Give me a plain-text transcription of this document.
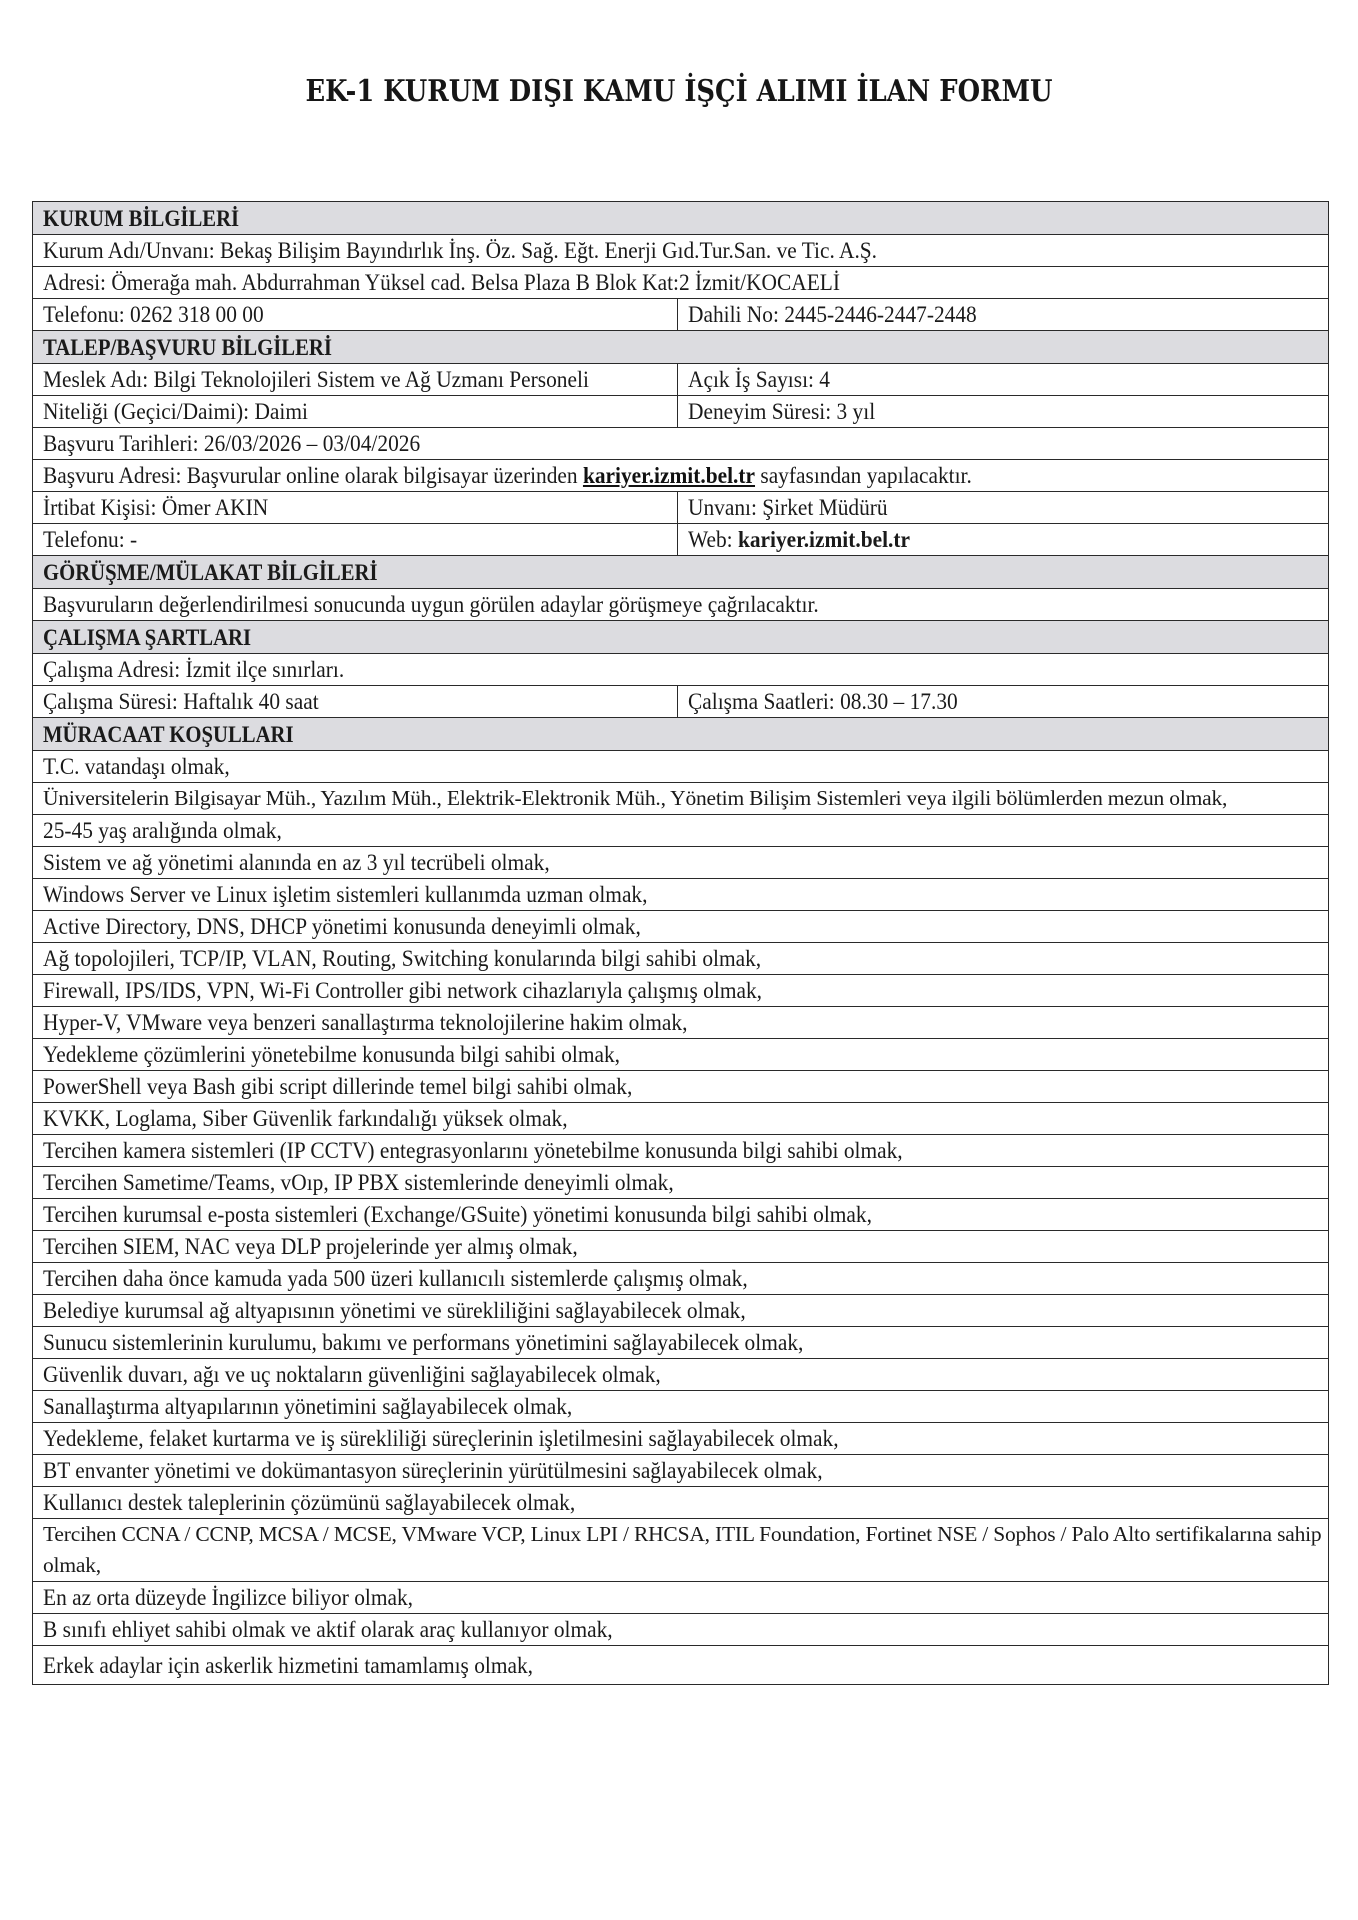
EK-1 KURUM DIŞI KAMU İŞÇİ ALIMI İLAN FORMU
KURUM BİLGİLERİ	
Kurum Adı/Unvanı: Bekaş Bilişim Bayındırlık İnş. Öz. Sağ. Eğt. Enerji Gıd.Tur.San. ve Tic. A.Ş.	
Adresi: Ömerağa mah. Abdurrahman Yüksel cad. Belsa Plaza B Blok Kat:2 İzmit/KOCAELİ	
Telefonu: 0262 318 00 00	Dahili No: 2445-2446-2447-2448
TALEP/BAŞVURU BİLGİLERİ	
Meslek Adı: Bilgi Teknolojileri Sistem ve Ağ Uzmanı Personeli	Açık İş Sayısı: 4
Niteliği (Geçici/Daimi): Daimi	Deneyim Süresi: 3 yıl
Başvuru Tarihleri: 26/03/2026 – 03/04/2026	
Başvuru Adresi: Başvurular online olarak bilgisayar üzerinden kariyer.izmit.bel.tr sayfasından yapılacaktır.	
İrtibat Kişisi: Ömer AKIN	Unvanı: Şirket Müdürü
Telefonu: -	Web: kariyer.izmit.bel.tr
GÖRÜŞME/MÜLAKAT BİLGİLERİ	
Başvuruların değerlendirilmesi sonucunda uygun görülen adaylar görüşmeye çağrılacaktır.	
ÇALIŞMA ŞARTLARI	
Çalışma Adresi: İzmit ilçe sınırları.	
Çalışma Süresi: Haftalık 40 saat	Çalışma Saatleri: 08.30 – 17.30
MÜRACAAT KOŞULLARI	
T.C. vatandaşı olmak,	

Üniversitelerin Bilgisayar Müh., Yazılım Müh., Elektrik-Elektronik Müh., Yönetim Bilişim Sistemleri veya ilgili bölümlerden mezun olmak,	

25-45 yaş aralığında olmak,	
Sistem ve ağ yönetimi alanında en az 3 yıl tecrübeli olmak,	
Windows Server ve Linux işletim sistemleri kullanımda uzman olmak,	
Active Directory, DNS, DHCP yönetimi konusunda deneyimli olmak,	
Ağ topolojileri, TCP/IP, VLAN, Routing, Switching konularında bilgi sahibi olmak,	
Firewall, IPS/IDS, VPN, Wi-Fi Controller gibi network cihazlarıyla çalışmış olmak,	
Hyper-V, VMware veya benzeri sanallaştırma teknolojilerine hakim olmak,	
Yedekleme çözümlerini yönetebilme konusunda bilgi sahibi olmak,	
PowerShell veya Bash gibi script dillerinde temel bilgi sahibi olmak,	
KVKK, Loglama, Siber Güvenlik farkındalığı yüksek olmak,	
Tercihen kamera sistemleri (IP CCTV) entegrasyonlarını yönetebilme konusunda bilgi sahibi olmak,	
Tercihen Sametime/Teams, vOıp, IP PBX sistemlerinde deneyimli olmak,	
Tercihen kurumsal e-posta sistemleri (Exchange/GSuite) yönetimi konusunda bilgi sahibi olmak,	
Tercihen SIEM, NAC veya DLP projelerinde yer almış olmak,	
Tercihen daha önce kamuda yada 500 üzeri kullanıcılı sistemlerde çalışmış olmak,	
Belediye kurumsal ağ altyapısının yönetimi ve sürekliliğini sağlayabilecek olmak,	
Sunucu sistemlerinin kurulumu, bakımı ve performans yönetimini sağlayabilecek olmak,	
Güvenlik duvarı, ağı ve uç noktaların güvenliğini sağlayabilecek olmak,	
Sanallaştırma altyapılarının yönetimini sağlayabilecek olmak,	
Yedekleme, felaket kurtarma ve iş sürekliliği süreçlerinin işletilmesini sağlayabilecek olmak,	
BT envanter yönetimi ve dokümantasyon süreçlerinin yürütülmesini sağlayabilecek olmak,	
Kullanıcı destek taleplerinin çözümünü sağlayabilecek olmak,	

Tercihen CCNA / CCNP, MCSA / MCSE, VMware VCP, Linux LPI / RHCSA, ITIL Foundation, Fortinet NSE / Sophos / Palo Alto sertifikalarına sahip olmak,	

En az orta düzeyde İngilizce biliyor olmak,	
B sınıfı ehliyet sahibi olmak ve aktif olarak araç kullanıyor olmak,	
Erkek adaylar için askerlik hizmetini tamamlamış olmak,	
